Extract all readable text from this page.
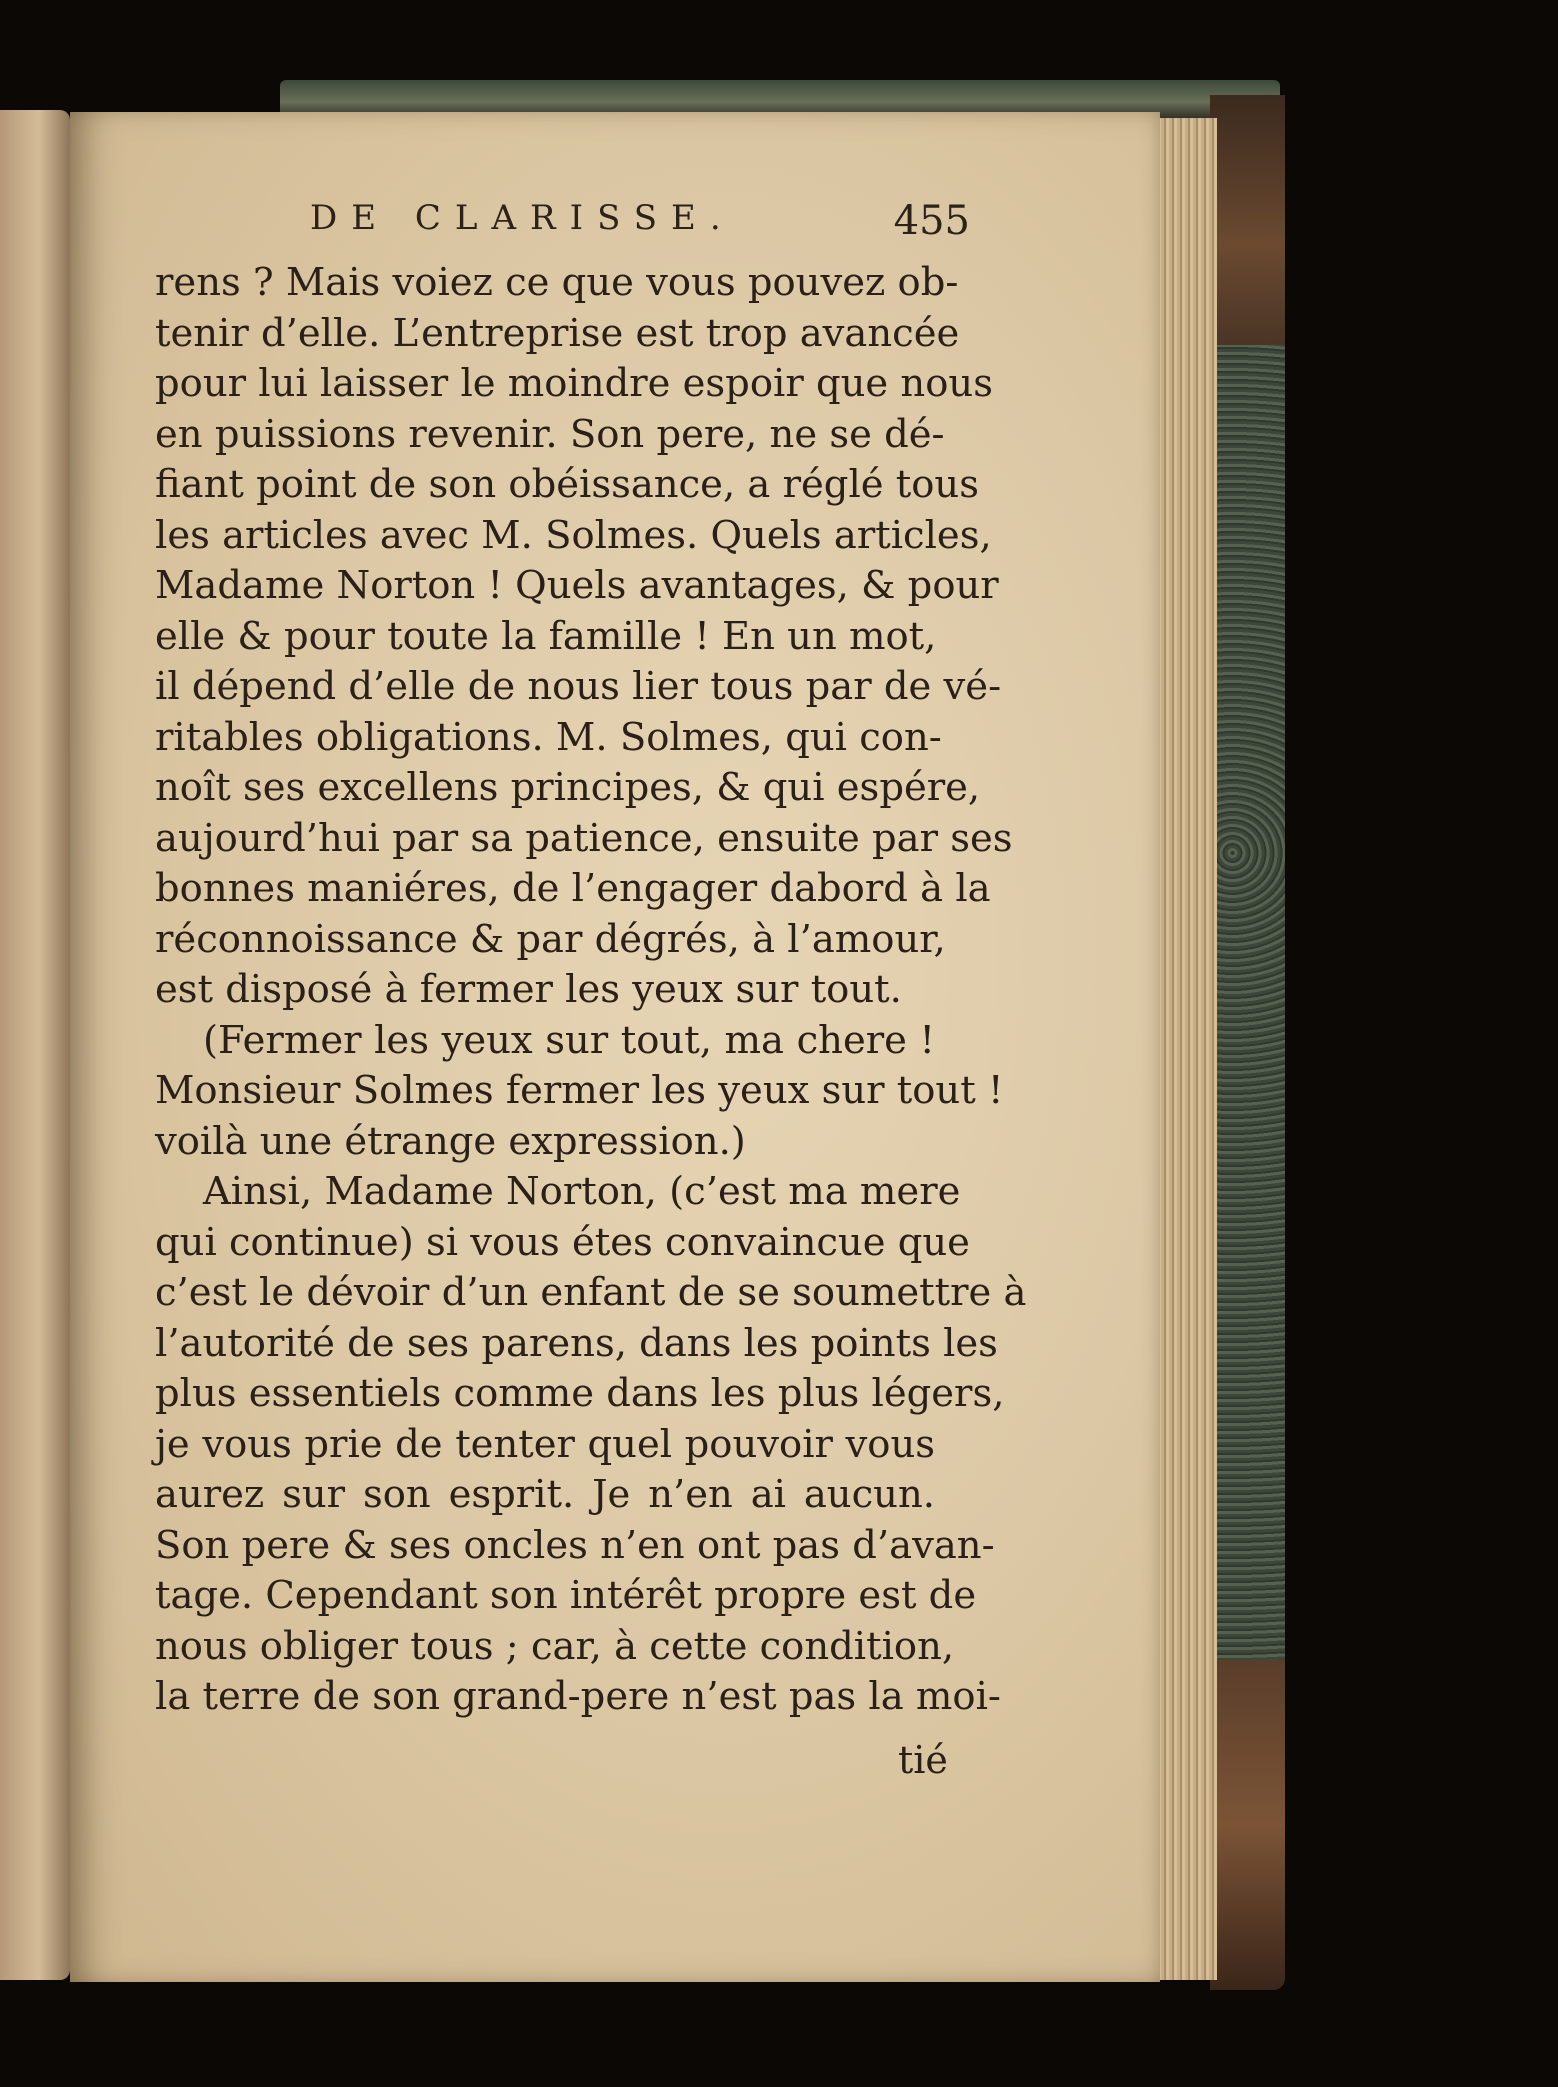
DE CLARISSE.	455
rens ? Mais voiez ce que vous pouvez ob-
tenir d’elle. L’entreprise est trop avancée
pour lui laisser le moindre espoir que nous
en puissions revenir. Son pere, ne se dé-
fiant point de son obéissance, a réglé tous
les articles avec M. Solmes. Quels articles,
Madame Norton ! Quels avantages, & pour
elle & pour toute la famille ! En un mot,
il dépend d’elle de nous lier tous par de vé-
ritables obligations. M. Solmes, qui con-
noît ses excellens principes, & qui espére,
aujourd’hui par sa patience, ensuite par ses
bonnes maniéres, de l’engager dabord à la
réconnoissance & par dégrés, à l’amour,
est disposé à fermer les yeux sur tout.
(Fermer les yeux sur tout, ma chere !
Monsieur Solmes fermer les yeux sur tout !
voilà une étrange expression.)
Ainsi, Madame Norton, (c’est ma mere
qui continue) si vous étes convaincue que
c’est le dévoir d’un enfant de se soumettre à
l’autorité de ses parens, dans les points les
plus essentiels comme dans les plus légers,
je vous prie de tenter quel pouvoir vous
aurez sur son esprit. Je n’en ai aucun.
Son pere & ses oncles n’en ont pas d’avan-
tage. Cependant son intérêt propre est de
nous obliger tous ; car, à cette condition,
la terre de son grand-pere n’est pas la moi-
tié
